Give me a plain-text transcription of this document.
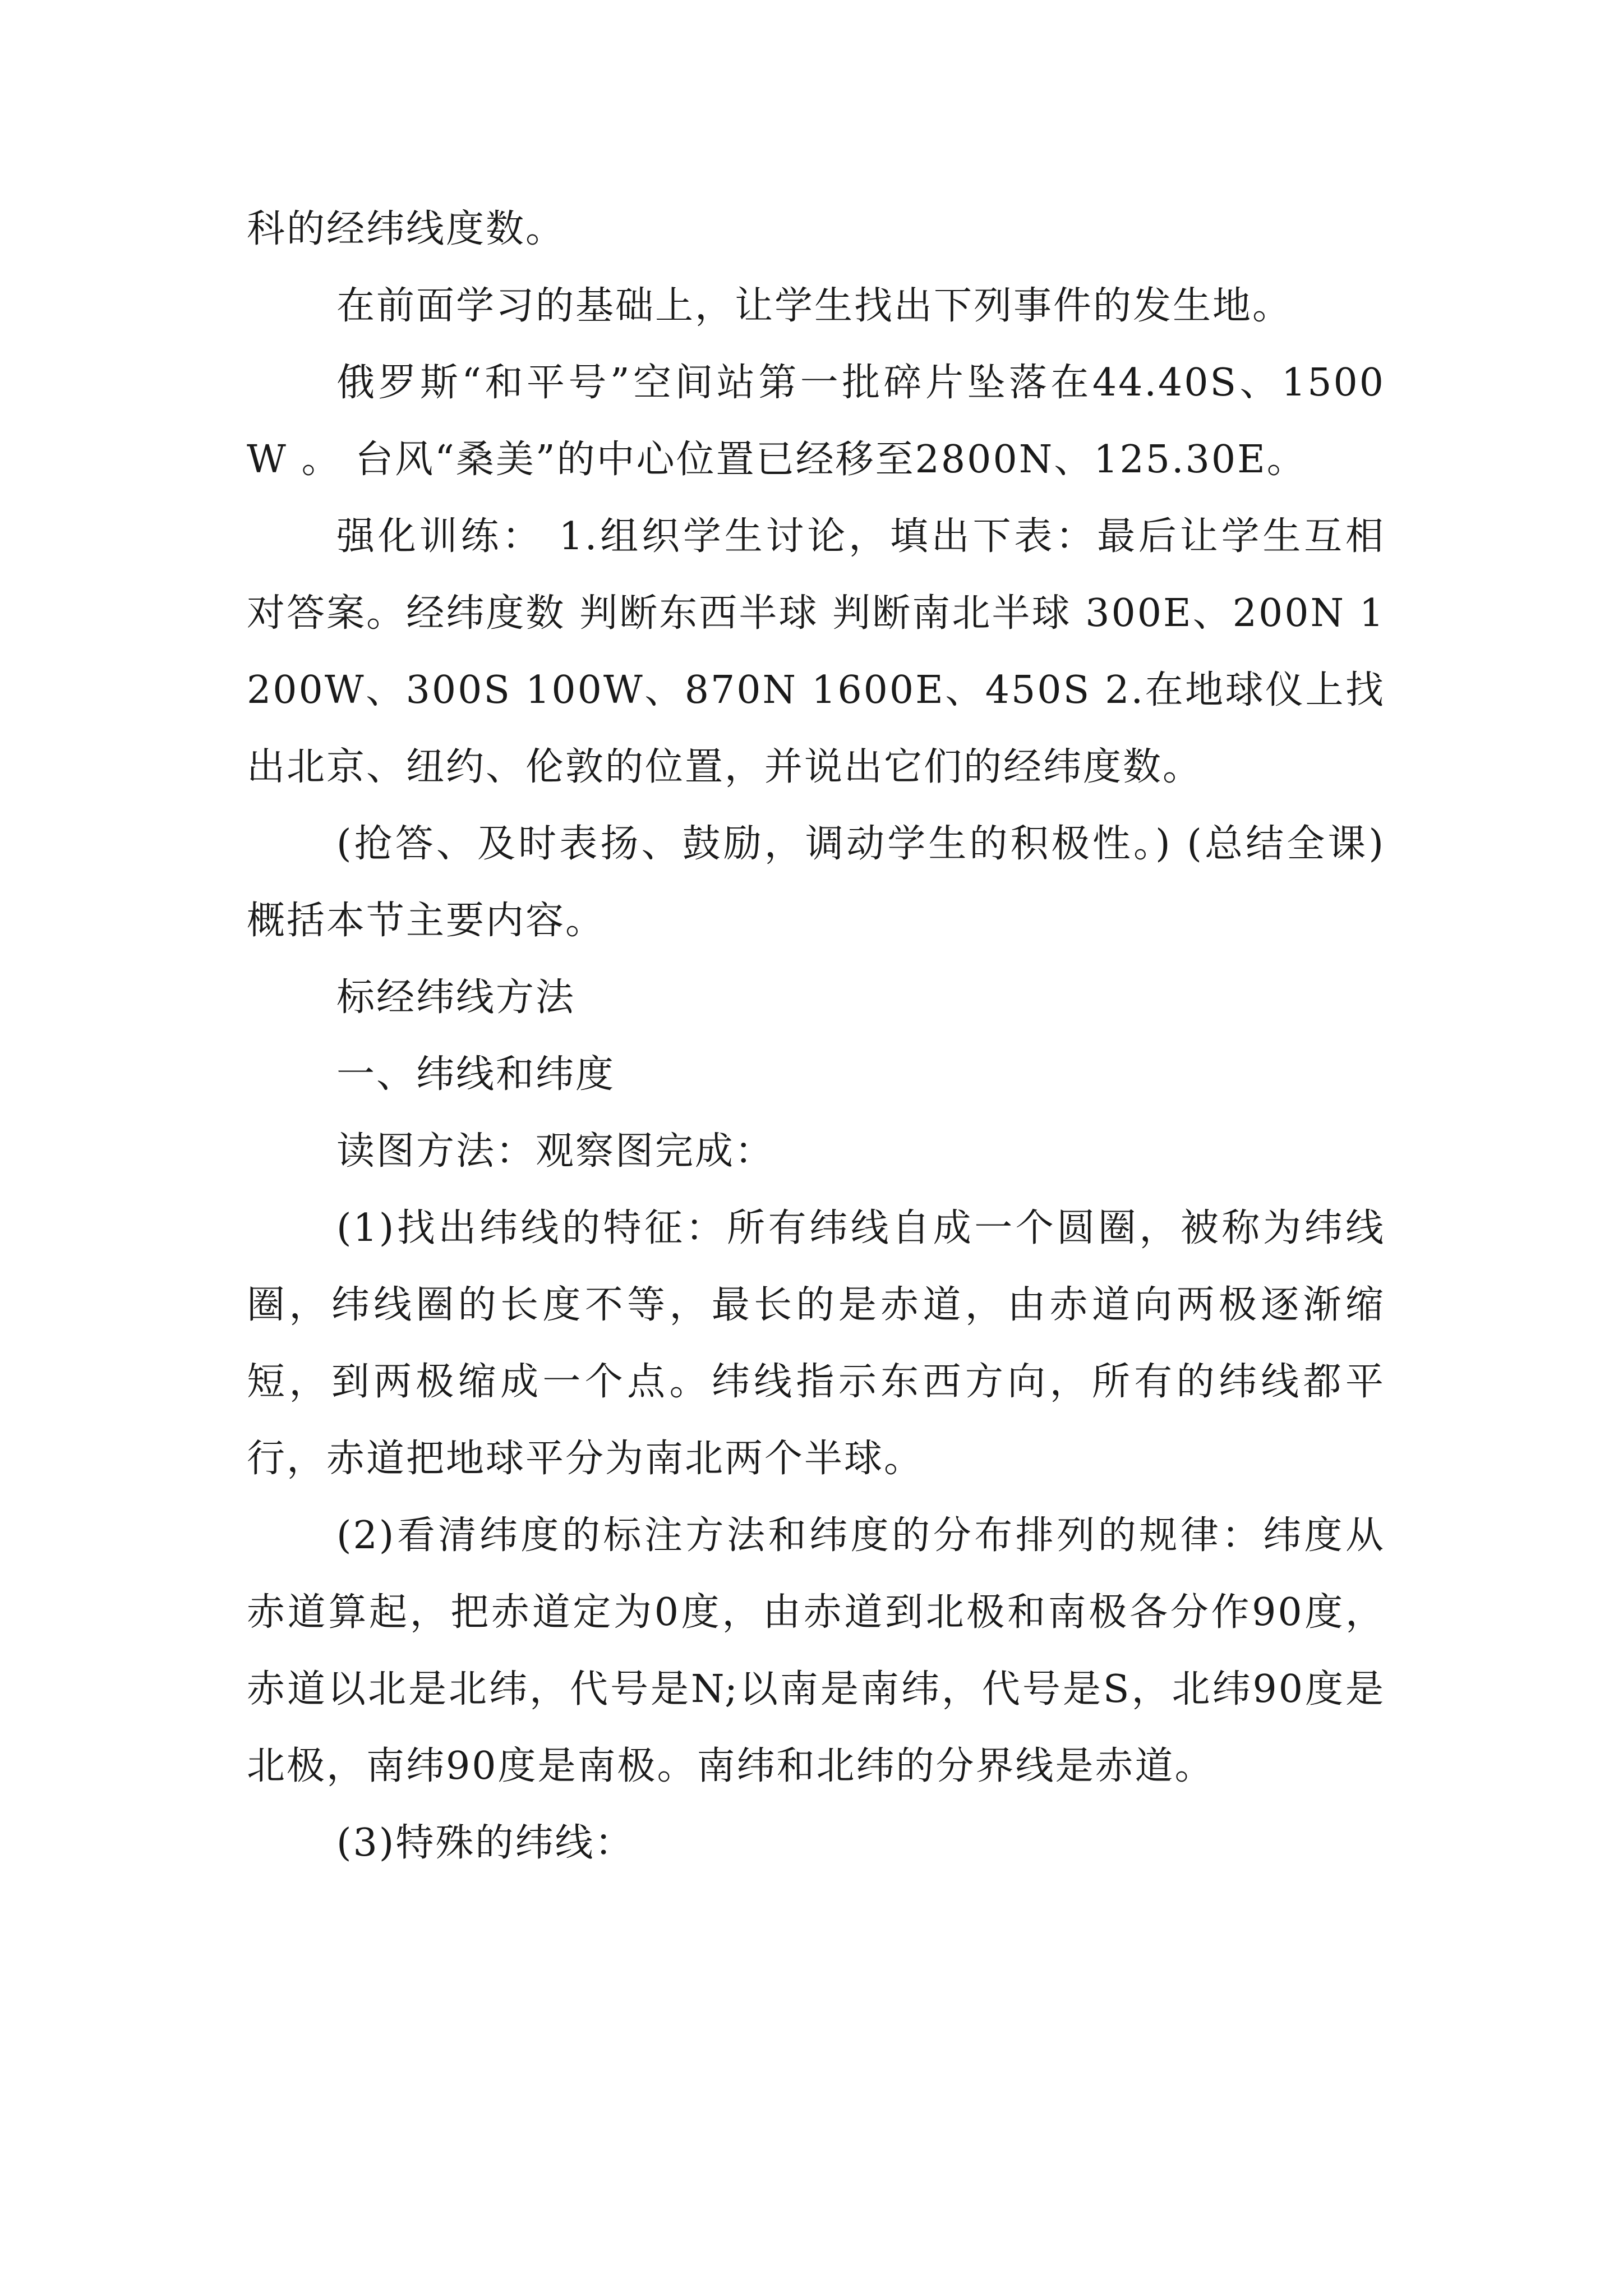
科的经纬线度数。

在前面学习的基础上，让学生找出下列事件的发生地。

俄罗斯“和平号”空间站第一批碎片坠落在44.40S、1500W 。 台风“桑美”的中心位置已经移至2800N、125.30E。

强化训练： 1.组织学生讨论，填出下表：最后让学生互相对答案。经纬度数 判断东西半球 判断南北半球 300E、200N 1200W、300S 100W、870N 1600E、450S 2.在地球仪上找出北京、纽约、伦敦的位置，并说出它们的经纬度数。

(抢答、及时表扬、鼓励，调动学生的积极性。) (总结全课)概括本节主要内容。

标经纬线方法

一、纬线和纬度

读图方法：观察图完成：

(1)找出纬线的特征：所有纬线自成一个圆圈，被称为纬线圈，纬线圈的长度不等，最长的是赤道，由赤道向两极逐渐缩短，到两极缩成一个点。纬线指示东西方向，所有的纬线都平行，赤道把地球平分为南北两个半球。

(2)看清纬度的标注方法和纬度的分布排列的规律：纬度从赤道算起，把赤道定为0度，由赤道到北极和南极各分作90度，赤道以北是北纬，代号是N;以南是南纬，代号是S，北纬90度是北极，南纬90度是南极。南纬和北纬的分界线是赤道。

(3)特殊的纬线：
